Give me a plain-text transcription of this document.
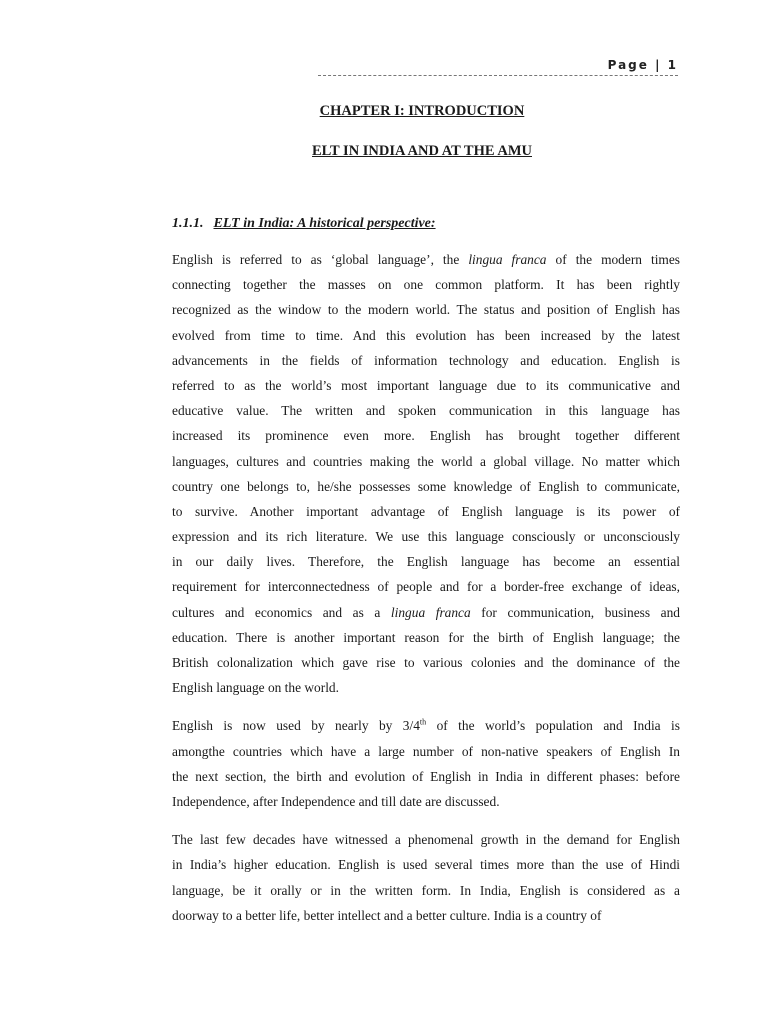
Page | 1

CHAPTER I: INTRODUCTION

ELT IN INDIA AND AT THE AMU

1.1.1. ELT in India: A historical perspective:
English is referred to as ‘global language’, the lingua franca of the modern times
connecting together the masses on one common platform. It has been rightly
recognized as the window to the modern world. The status and position of English has
evolved from time to time. And this evolution has been increased by the latest
advancements in the fields of information technology and education. English is
referred to as the world’s most important language due to its communicative and
educative value. The written and spoken communication in this language has
increased its prominence even more. English has brought together different
languages, cultures and countries making the world a global village. No matter which
country one belongs to, he/she possesses some knowledge of English to communicate,
to survive. Another important advantage of English language is its power of
expression and its rich literature. We use this language consciously or unconsciously
in our daily lives. Therefore, the English language has become an essential
requirement for interconnectedness of people and for a border-free exchange of ideas,
cultures and economics and as a lingua franca for communication, business and
education. There is another important reason for the birth of English language; the
British colonalization which gave rise to various colonies and the dominance of the
English language on the world.
English is now used by nearly by 3/4th of the world’s population and India is
amongthe countries which have a large number of non-native speakers of English In
the next section, the birth and evolution of English in India in different phases: before
Independence, after Independence and till date are discussed.
The last few decades have witnessed a phenomenal growth in the demand for English
in India’s higher education. English is used several times more than the use of Hindi
language, be it orally or in the written form. In India, English is considered as a
doorway to a better life, better intellect and a better culture. India is a country of
